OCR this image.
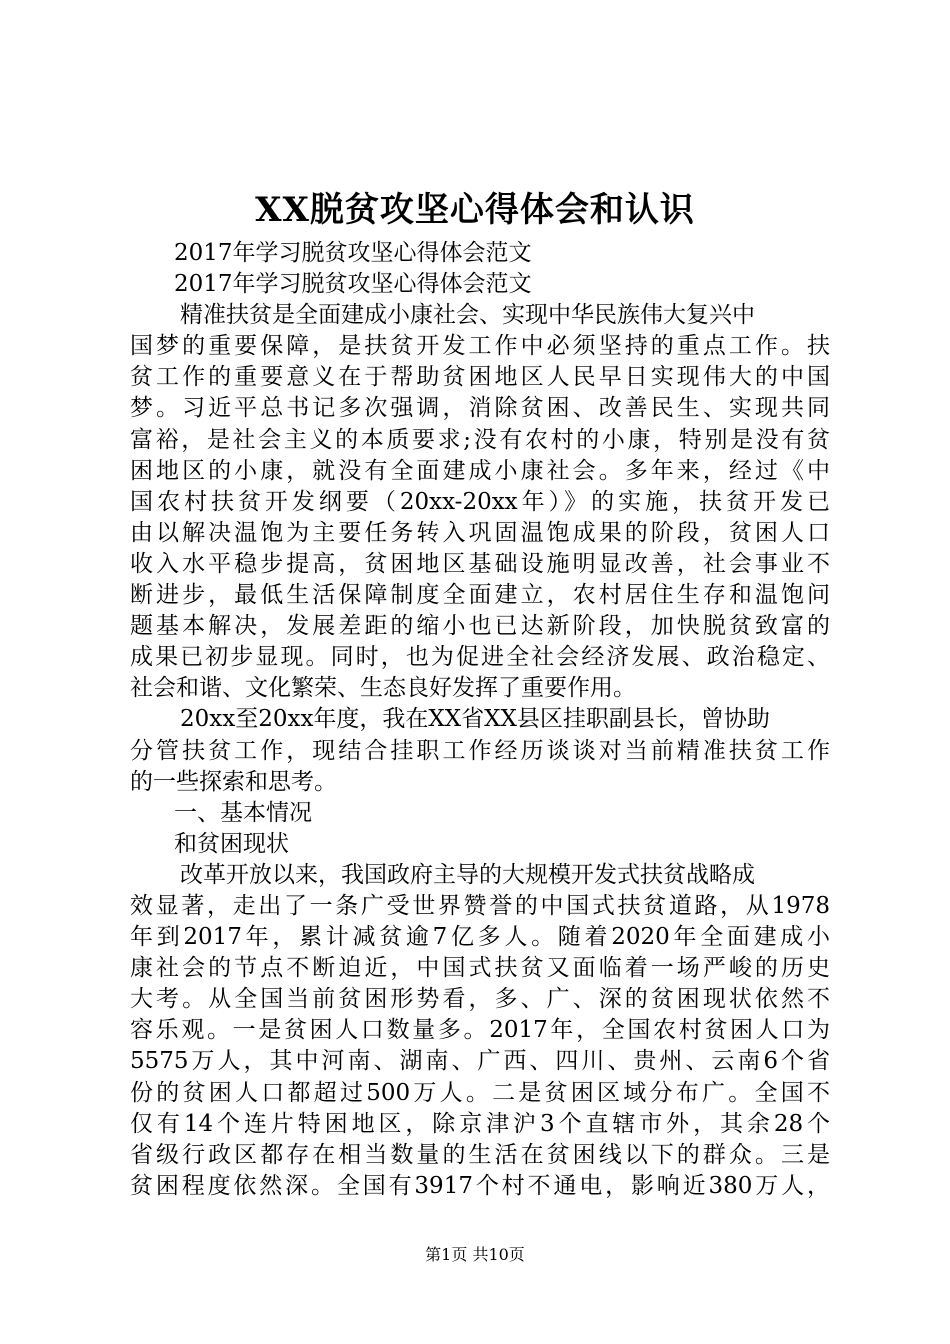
XX脱贫攻坚心得体会和认识
2017年学习脱贫攻坚心得体会范文
2017年学习脱贫攻坚心得体会范文
精准扶贫是全面建成小康社会、实现中华民族伟大复兴中
国梦的重要保障，是扶贫开发工作中必须坚持的重点工作。扶
贫工作的重要意义在于帮助贫困地区人民早日实现伟大的中国
梦。习近平总书记多次强调，消除贫困、改善民生、实现共同
富裕，是社会主义的本质要求;没有农村的小康，特别是没有贫
困地区的小康，就没有全面建成小康社会。多年来，经过《中
国农村扶贫开发纲要（20xx-20xx年）》的实施，扶贫开发已
由以解决温饱为主要任务转入巩固温饱成果的阶段，贫困人口
收入水平稳步提高，贫困地区基础设施明显改善，社会事业不
断进步，最低生活保障制度全面建立，农村居住生存和温饱问
题基本解决，发展差距的缩小也已达新阶段，加快脱贫致富的
成果已初步显现。同时，也为促进全社会经济发展、政治稳定、
社会和谐、文化繁荣、生态良好发挥了重要作用。
20xx至20xx年度，我在XX省XX县区挂职副县长，曾协助
分管扶贫工作，现结合挂职工作经历谈谈对当前精准扶贫工作
的一些探索和思考。
一、基本情况
和贫困现状
改革开放以来，我国政府主导的大规模开发式扶贫战略成
效显著，走出了一条广受世界赞誉的中国式扶贫道路，从1978
年到2017年，累计减贫逾7亿多人。随着2020年全面建成小
康社会的节点不断迫近，中国式扶贫又面临着一场严峻的历史
大考。从全国当前贫困形势看，多、广、深的贫困现状依然不
容乐观。一是贫困人口数量多。2017年，全国农村贫困人口为
5575万人，其中河南、湖南、广西、四川、贵州、云南6个省
份的贫困人口都超过500万人。二是贫困区域分布广。全国不
仅有14个连片特困地区，除京津沪3个直辖市外，其余28个
省级行政区都存在相当数量的生活在贫困线以下的群众。三是
贫困程度依然深。全国有3917个村不通电，影响近380万人，
第1页 共10页
